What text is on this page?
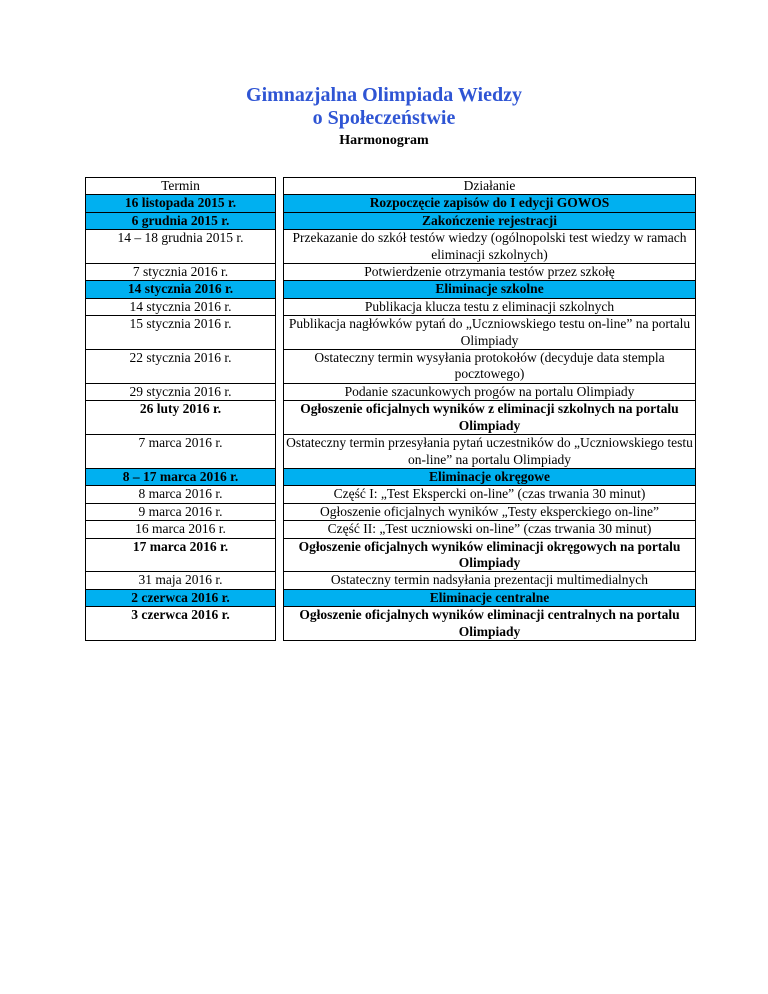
Gimnazjalna Olimpiada Wiedzy

o Społeczeństwie

Harmonogram
Termin		Działanie
16 listopada 2015 r.		Rozpoczęcie zapisów do I edycji GOWOS
6 grudnia 2015 r.		Zakończenie rejestracji
14 – 18 grudnia 2015 r.		Przekazanie do szkół testów wiedzy (ogólnopolski test wiedzy w ramach eliminacji szkolnych)
7 stycznia 2016 r.		Potwierdzenie otrzymania testów przez szkołę
14 stycznia 2016 r.		Eliminacje szkolne
14 stycznia 2016 r.		Publikacja klucza testu z eliminacji szkolnych
15 stycznia 2016 r.		Publikacja nagłówków pytań do „Uczniowskiego testu on-line” na portalu Olimpiady
22 stycznia 2016 r.		Ostateczny termin wysyłania protokołów (decyduje data stempla pocztowego)
29 stycznia 2016 r.		Podanie szacunkowych progów na portalu Olimpiady
26 luty 2016 r.		Ogłoszenie oficjalnych wyników z eliminacji szkolnych na portalu Olimpiady
7 marca 2016 r.		Ostateczny termin przesyłania pytań uczestników do „Uczniowskiego testu on-line” na portalu Olimpiady
8 – 17 marca 2016 r.		Eliminacje okręgowe
8 marca 2016 r.		Część I: „Test Ekspercki on-line” (czas trwania 30 minut)
9 marca 2016 r.		Ogłoszenie oficjalnych wyników „Testy eksperckiego on-line”
16 marca 2016 r.		Część II: „Test uczniowski on-line” (czas trwania 30 minut)
17 marca 2016 r.		Ogłoszenie oficjalnych wyników eliminacji okręgowych na portalu Olimpiady
31 maja 2016 r.		Ostateczny termin nadsyłania prezentacji multimedialnych
2 czerwca 2016 r.		Eliminacje centralne
3 czerwca 2016 r.		Ogłoszenie oficjalnych wyników eliminacji centralnych na portalu Olimpiady
